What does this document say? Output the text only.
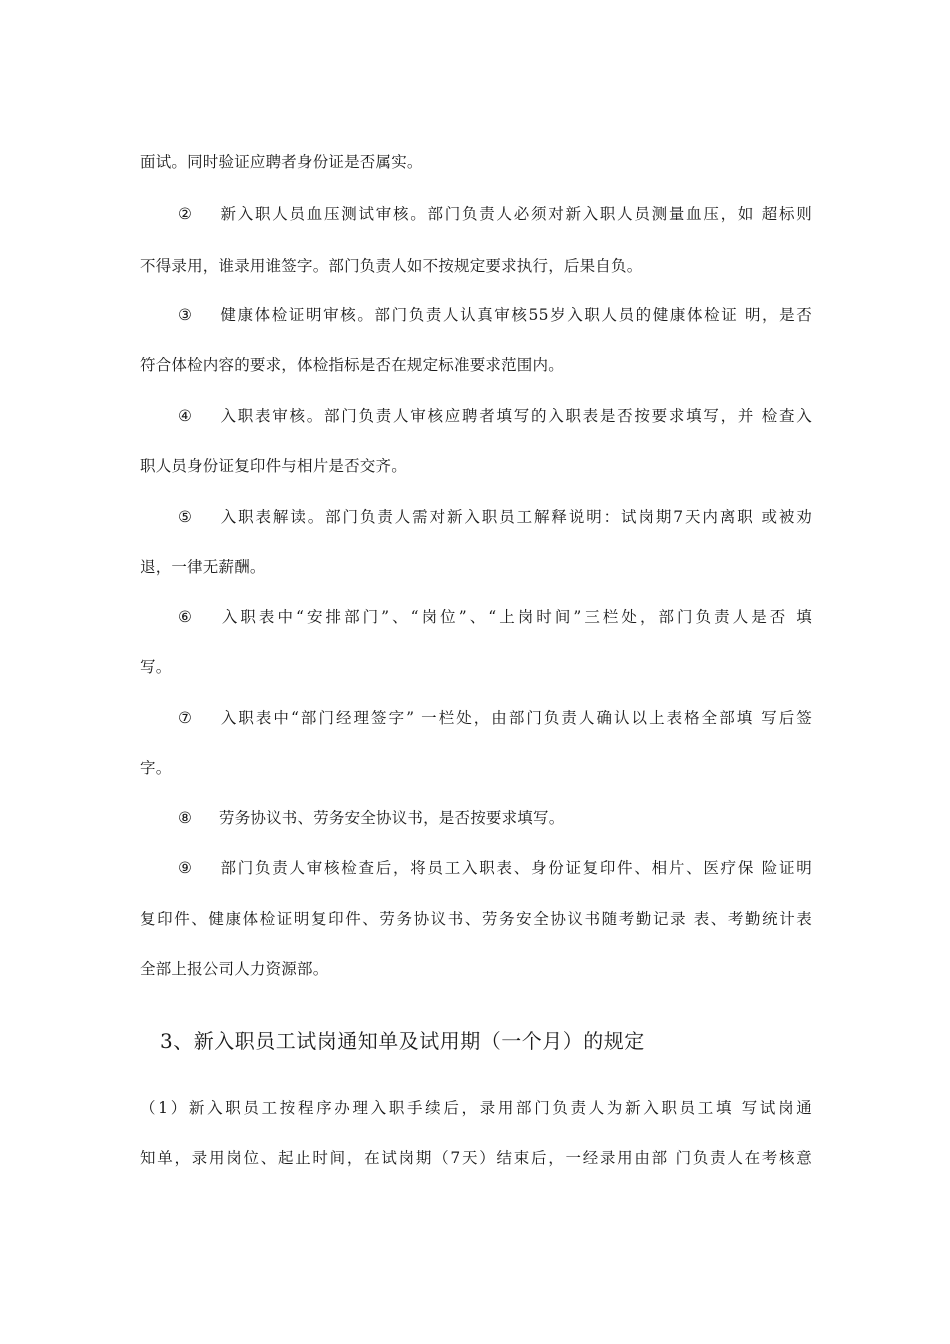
面试。同时验证应聘者身份证是否属实。
② 新入职人员血压测试审核。部门负责人必须对新入职人员测量血压，如 超标则
不得录用，谁录用谁签字。部门负责人如不按规定要求执行，后果自负。
③ 健康体检证明审核。部门负责人认真审核55岁入职人员的健康体检证 明，是否
符合体检内容的要求，体检指标是否在规定标准要求范围内。
④ 入职表审核。部门负责人审核应聘者填写的入职表是否按要求填写，并 检查入
职人员身份证复印件与相片是否交齐。
⑤ 入职表解读。部门负责人需对新入职员工解释说明：试岗期7天内离职 或被劝
退，一律无薪酬。
⑥ 入职表中“安排部门”、“岗位”、“上岗时间”三栏处，部门负责人是否 填
写。
⑦ 入职表中“部门经理签字” 一栏处，由部门负责人确认以上表格全部填 写后签
字。
⑧ 劳务协议书、劳务安全协议书，是否按要求填写。
⑨ 部门负责人审核检查后，将员工入职表、身份证复印件、相片、医疗保 险证明
复印件、健康体检证明复印件、劳务协议书、劳务安全协议书随考勤记录 表、考勤统计表
全部上报公司人力资源部。
3、新入职员工试岗通知单及试用期（一个月）的规定
（1）新入职员工按程序办理入职手续后，录用部门负责人为新入职员工填 写试岗通
知单，录用岗位、起止时间，在试岗期（7天）结束后，一经录用由部 门负责人在考核意
